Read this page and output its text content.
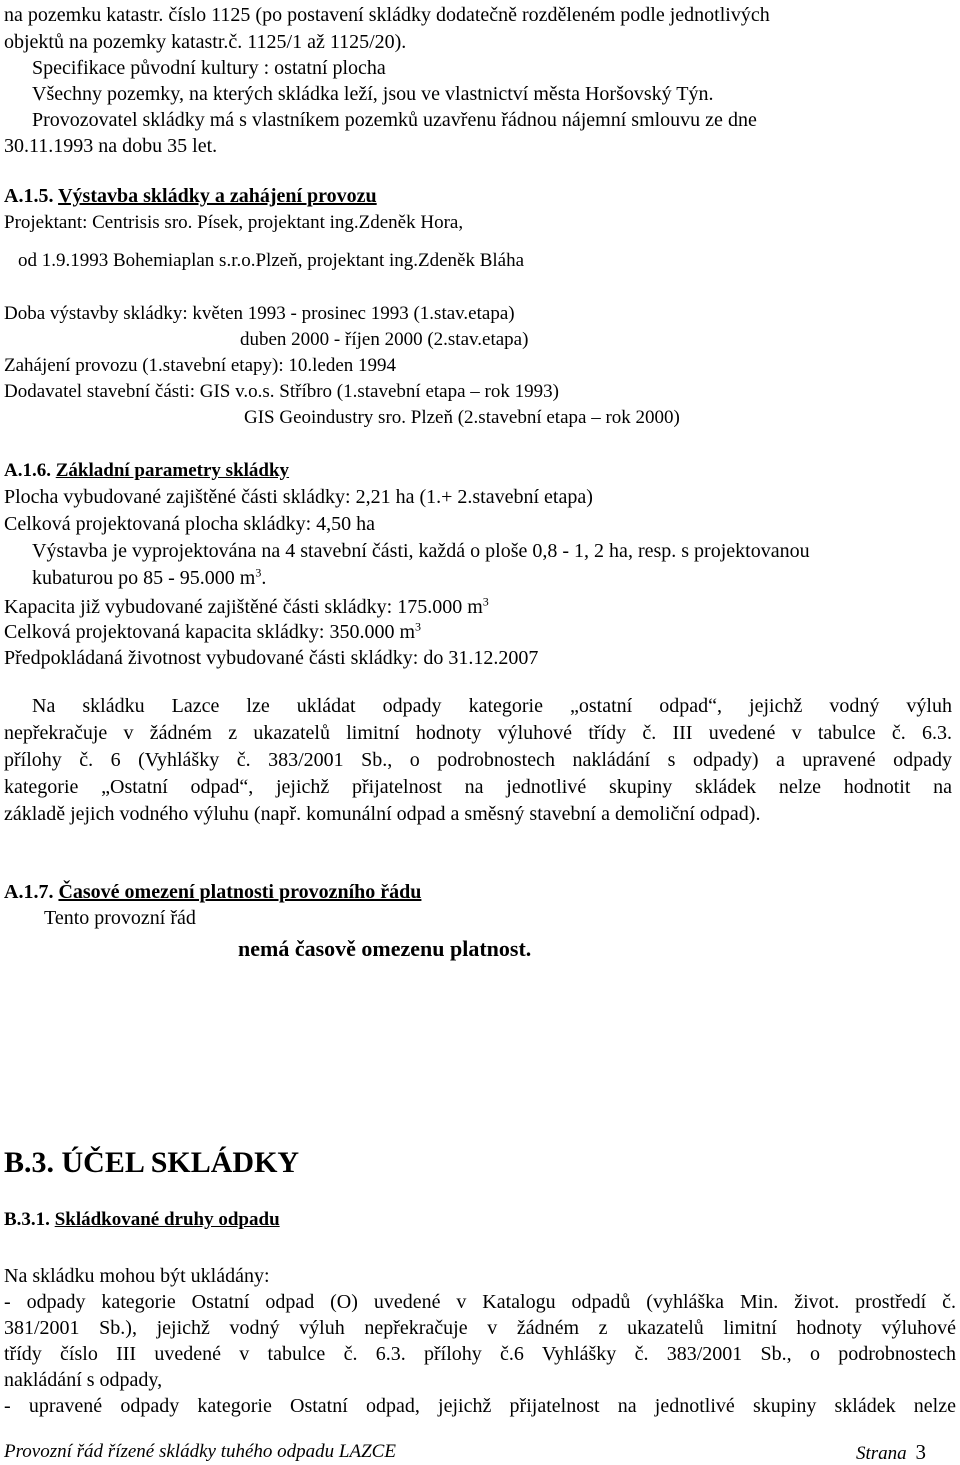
na pozemku katastr. číslo 1125 (po postavení skládky dodatečně rozděleném podle jednotlivých
objektů na pozemky katastr.č. 1125/1 až 1125/20).
Specifikace původní kultury : ostatní plocha
Všechny pozemky, na kterých skládka leží, jsou ve vlastnictví města Horšovský Týn.
Provozovatel skládky má s vlastníkem pozemků uzavřenu řádnou nájemní smlouvu ze dne
30.11.1993 na dobu 35 let.
A.1.5. Výstavba skládky a zahájení provozu
Projektant: Centrisis sro. Písek, projektant ing.Zdeněk Hora,
od 1.9.1993 Bohemiaplan s.r.o.Plzeň, projektant ing.Zdeněk Bláha
Doba výstavby skládky: květen 1993 - prosinec 1993 (1.stav.etapa)
duben 2000 - říjen 2000 (2.stav.etapa)
Zahájení provozu (1.stavební etapy): 10.leden 1994
Dodavatel stavební části: GIS v.o.s. Stříbro (1.stavební etapa – rok 1993)
GIS Geoindustry sro. Plzeň (2.stavební etapa – rok 2000)
A.1.6. Základní parametry skládky
Plocha vybudované zajištěné části skládky: 2,21 ha (1.+ 2.stavební etapa)
Celková projektovaná plocha skládky: 4,50 ha
Výstavba je vyprojektována na 4 stavební části, každá o ploše 0,8 - 1, 2 ha, resp. s projektovanou
kubaturou po 85 - 95.000 $m^3$.
Kapacita již vybudované zajištěné části skládky: 175.000 $m^3$
Celková projektovaná kapacita skládky: 350.000 $m^3$
Předpokládaná životnost vybudované části skládky: do 31.12.2007
Na skládku Lazce lze ukládat odpady kategorie „ostatní odpad“, jejichž vodný výluh
nepřekračuje v žádném z ukazatelů limitní hodnoty výluhové třídy č. III uvedené v tabulce č. 6.3.
přílohy č. 6 (Vyhlášky č. 383/2001 Sb., o podrobnostech nakládání s odpady) a upravené odpady
kategorie „Ostatní odpad“, jejichž přijatelnost na jednotlivé skupiny skládek nelze hodnotit na
základě jejich vodného výluhu (např. komunální odpad a směsný stavební a demoliční odpad).
A.1.7. Časové omezení platnosti provozního řádu
Tento provozní řád
nemá časově omezenu platnost.
B.3. ÚČEL SKLÁDKY
B.3.1. Skládkované druhy odpadu
Na skládku mohou být ukládány:
- odpady kategorie Ostatní odpad (O) uvedené v Katalogu odpadů (vyhláška Min. život. prostředí č.
381/2001 Sb.), jejichž vodný výluh nepřekračuje v žádném z ukazatelů limitní hodnoty výluhové
třídy číslo III uvedené v tabulce č. 6.3. přílohy č.6 Vyhlášky č. 383/2001 Sb., o podrobnostech
nakládání s odpady,
- upravené odpady kategorie Ostatní odpad, jejichž přijatelnost na jednotlivé skupiny skládek nelze
Provozní řád řízené skládky tuhého odpadu LAZCE	Strana 3
